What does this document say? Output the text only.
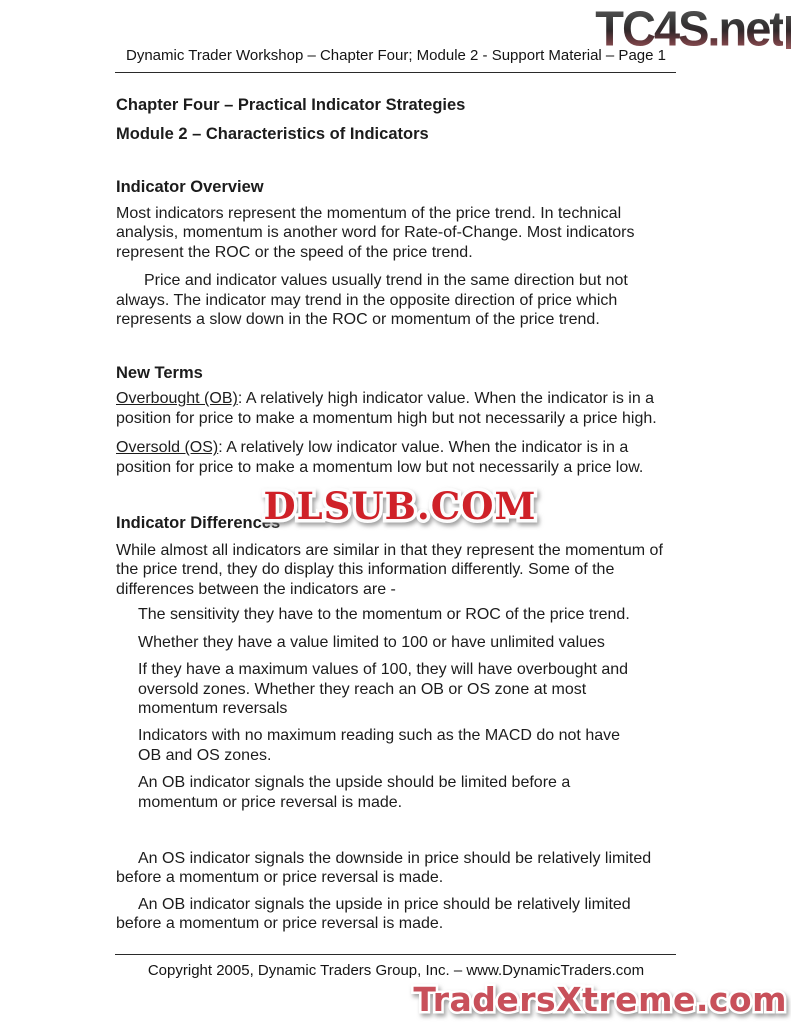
TC4S.net
Dynamic Trader Workshop – Chapter Four; Module 2 - Support Material – Page 1
Chapter Four – Practical Indicator Strategies
Module 2 – Characteristics of Indicators
Indicator Overview

Most indicators represent the momentum of the price trend. In technical analysis, momentum is another word for Rate-of-Change. Most indicators represent the ROC or the speed of the price trend.

Price and indicator values usually trend in the same direction but not always. The indicator may trend in the opposite direction of price which represents a slow down in the ROC or momentum of the price trend.

New Terms

Overbought (OB): A relatively high indicator value. When the indicator is in a position for price to make a momentum high but not necessarily a price high.

Oversold (OS): A relatively low indicator value. When the indicator is in a position for price to make a momentum low but not necessarily a price low.

Indicator Differences

While almost all indicators are similar in that they represent the momentum of the price trend, they do display this information differently. Some of the differences between the indicators are -

The sensitivity they have to the momentum or ROC of the price trend.

Whether they have a value limited to 100 or have unlimited values

If they have a maximum values of 100, they will have overbought and oversold zones. Whether they reach an OB or OS zone at most momentum reversals

Indicators with no maximum reading such as the MACD do not have OB and OS zones.

An OB indicator signals the upside should be limited before a momentum or price reversal is made.

An OS indicator signals the downside in price should be relatively limited before a momentum or price reversal is made.

An OB indicator signals the upside in price should be relatively limited before a momentum or price reversal is made.

DLSUB.COM
Copyright 2005, Dynamic Traders Group, Inc. – www.DynamicTraders.com
TradersXtreme.com
